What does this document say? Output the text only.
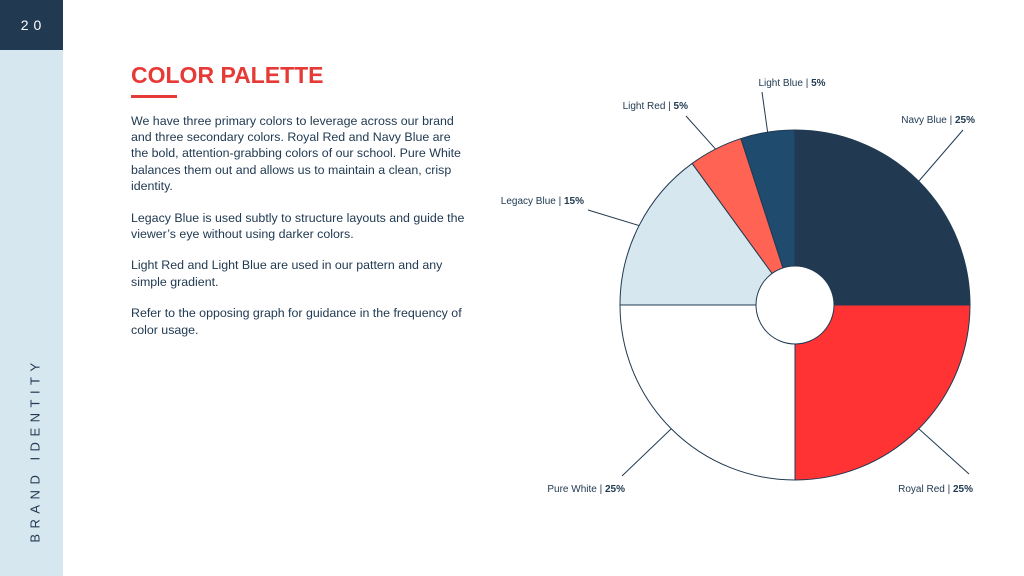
20
BRAND IDENTITY
COLOR PALETTE

We have three primary colors to leverage across our brand and three secondary colors. Royal Red and Navy Blue are the bold, attention-grabbing colors of our school. Pure White balances them out and allows us to maintain a clean, crisp identity.

Legacy Blue is used subtly to structure layouts and guide the viewer’s eye without using darker colors.

Light Red and Light Blue are used in our pattern and any simple gradient.

Refer to the opposing graph for guidance in the frequency of color usage.

Navy Blue | 25%
Royal Red | 25%
Pure White | 25%
Legacy Blue | 15%
Light Red | 5%
Light Blue | 5%
